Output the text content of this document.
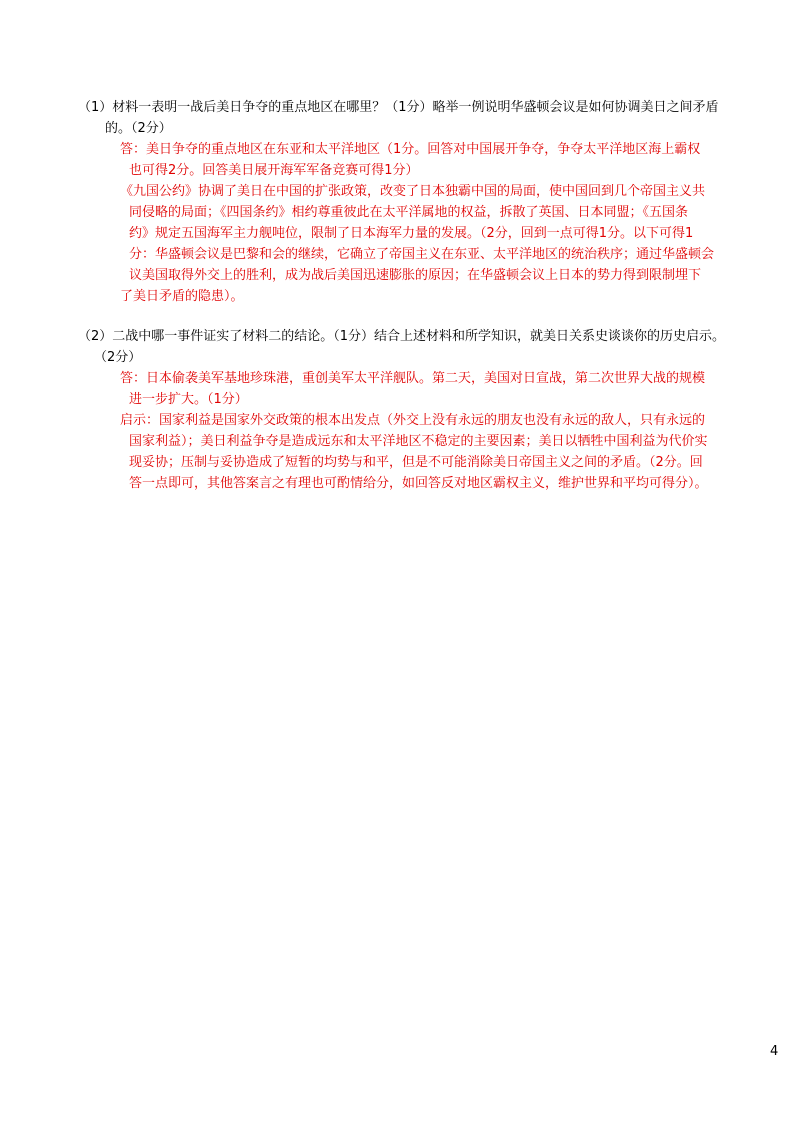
（1）材料一表明一战后美日争夺的重点地区在哪里？（1分）略举一例说明华盛顿会议是如何协调美日之间矛盾
的。（2分）
答：美日争夺的重点地区在东亚和太平洋地区（1分。回答对中国展开争夺，争夺太平洋地区海上霸权
也可得2分。回答美日展开海军军备竞赛可得1分）
《九国公约》协调了美日在中国的扩张政策，改变了日本独霸中国的局面，使中国回到几个帝国主义共
同侵略的局面；《四国条约》相约尊重彼此在太平洋属地的权益，拆散了英国、日本同盟；《五国条
约》规定五国海军主力舰吨位，限制了日本海军力量的发展。（2分，回到一点可得1分。以下可得1
分：华盛顿会议是巴黎和会的继续，它确立了帝国主义在东亚、太平洋地区的统治秩序；通过华盛顿会
议美国取得外交上的胜利，成为战后美国迅速膨胀的原因；在华盛顿会议上日本的势力得到限制埋下
了美日矛盾的隐患）。
（2）二战中哪一事件证实了材料二的结论。（1分）结合上述材料和所学知识，就美日关系史谈谈你的历史启示。
（2分）
答：日本偷袭美军基地珍珠港，重创美军太平洋舰队。第二天，美国对日宣战，第二次世界大战的规模
进一步扩大。（1分）
启示：国家利益是国家外交政策的根本出发点（外交上没有永远的朋友也没有永远的敌人，只有永远的
国家利益）；美日利益争夺是造成远东和太平洋地区不稳定的主要因素；美日以牺牲中国利益为代价实
现妥协；压制与妥协造成了短暂的均势与和平，但是不可能消除美日帝国主义之间的矛盾。（2分。回
答一点即可，其他答案言之有理也可酌情给分，如回答反对地区霸权主义，维护世界和平均可得分）。
4
